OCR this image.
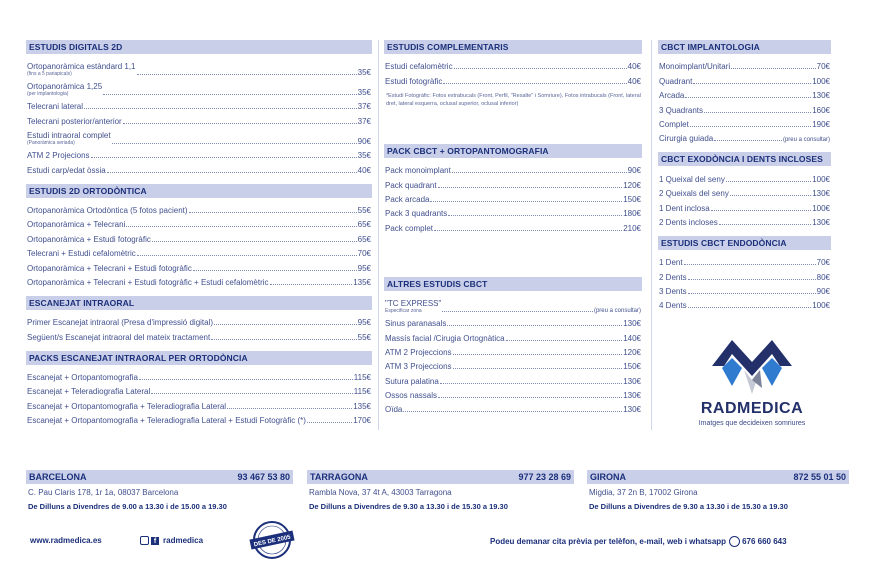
ESTUDIS DIGITALS 2D
Ortopanoràmica estàndard 1,1
(fins a 5 pariapicals)	35€
Ortopanoràmica 1,25
(per implantologia)	35€
Telecrani lateral	37€
Telecrani posterior/anterior	37€
Estudi intraoral complet
(Panoràmica seriada)	90€
ATM 2 Projecions	35€
Estudi carp/edat òssia	40€
ESTUDIS 2D ORTODÒNTICA
Ortopanoràmica Ortodòntica (5 fotos pacient)	55€
Ortopanoràmica + Telecrani	65€
Ortopanoràmica + Estudi fotogràfic	65€
Telecrani + Estudi cefalomètric	70€
Ortopanoràmica + Telecrani + Estudi fotogràfic	95€
Ortopanoràmica + Telecrani + Estudi fotogràfic + Estudi cefalomètric	135€
ESCANEJAT INTRAORAL
Primer Escanejat intraoral (Presa d'impressió digital)	95€
Següent/s Escanejat intraoral del mateix tractament	55€
PACKS ESCANEJAT INTRAORAL PER ORTODÒNCIA
Escanejat + Ortopantomografia	115€
Escanejat + Teleradiografia Lateral	115€
Escanejat + Ortopantomografia + Teleradiografia Lateral	135€
Escanejat + Ortopantomografia + Teleradiografia Lateral + Estudi Fotogràfic (*)	170€
ESTUDIS COMPLEMENTARIS
Estudi cefalomètric	40€
Estudi fotogràfic	40€
*Estudi Fotogràfic: Fotos extrabucals (Front, Perfil, "Resalte" i Somriure), Fotos intrabucals (Front, lateral dret, lateral esquerra, oclusal superior, oclusal inferior)
PACK CBCT + ORTOPANTOMOGRAFIA
Pack monoimplant	90€
Pack quadrant	120€
Pack arcada	150€
Pack 3 quadrants	180€
Pack complet	210€
ALTRES ESTUDIS CBCT
"TC EXPRESS"
Especificar zona	(preu a consultar)
Sinus paranasals	130€
Massís facial /Cirugia Ortognàtica	140€
ATM 2 Projeccions	120€
ATM 3 Projeccions	150€
Sutura palatina	130€
Ossos nassals	130€
Oïda	130€
CBCT IMPLANTOLOGIA
Monoimplant/Unitari	70€
Quadrant	100€
Arcada	130€
3 Quadrants	160€
Complet	190€
Cirurgia guiada	(preu a consultar)
CBCT EXODÒNCIA I DENTS INCLOSES
1 Queixal del seny	100€
2 Queixals del seny	130€
1 Dent inclosa	100€
2 Dents incloses	130€
ESTUDIS CBCT ENDODÒNCIA
1 Dent	70€
2 Dents	80€
3 Dents	90€
4 Dents	100€
RADMEDICA
Imatges que decideixen somriures
BARCELONA	93 467 53 80
C. Pau Claris 178, 1r 1a, 08037 Barcelona
De Dilluns a Divendres de 9.00 a 13.30 i de 15.00 a 19.30
TARRAGONA	977 23 28 69
Rambla Nova, 37 4t A, 43003 Tarragona
De Dilluns a Divendres de 9.30 a 13.30 i de 15.30 a 19.30
GIRONA	872 55 01 50
Migdia, 37 2n B, 17002 Girona
De Dilluns a Divendres de 9.30 a 13.30 i de 15.30 a 19.30
www.radmedica.es	f radmedica	Podeu demanar cita prèvia per telèfon, e-mail, web i whatsapp 676 660 643
DES DE 2005
